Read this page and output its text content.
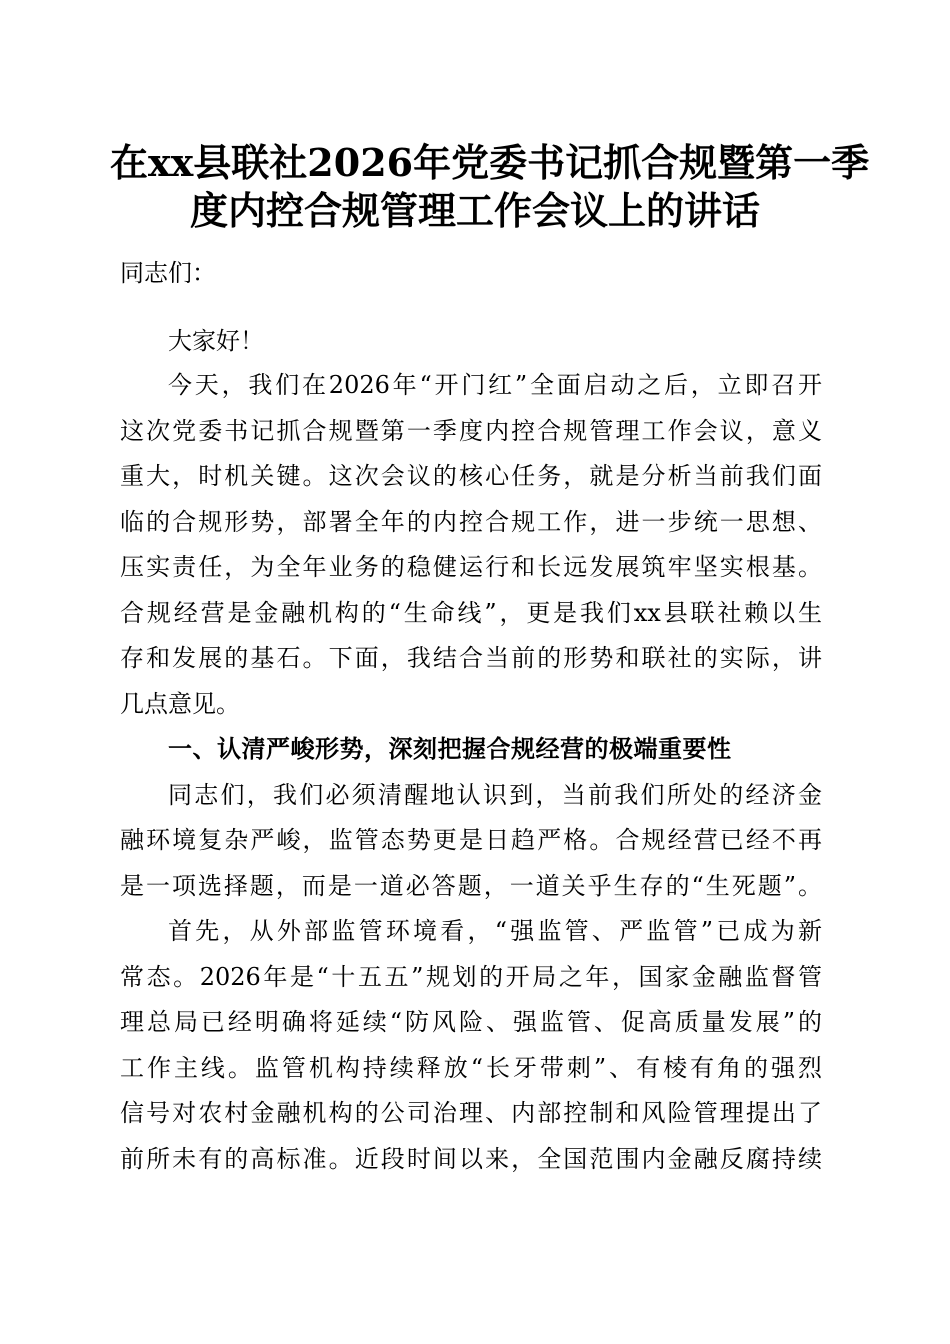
在xx县联社2026年党委书记抓合规暨第一季
度内控合规管理工作会议上的讲话

同志们：

大家好！

今天，我们在2026年“开门红”全面启动之后，立即召开

这次党委书记抓合规暨第一季度内控合规管理工作会议，意义

重大，时机关键。这次会议的核心任务，就是分析当前我们面

临的合规形势，部署全年的内控合规工作，进一步统一思想、

压实责任，为全年业务的稳健运行和长远发展筑牢坚实根基。

合规经营是金融机构的“生命线”，更是我们xx县联社赖以生

存和发展的基石。下面，我结合当前的形势和联社的实际，讲

几点意见。

一、认清严峻形势，深刻把握合规经营的极端重要性

同志们，我们必须清醒地认识到，当前我们所处的经济金

融环境复杂严峻，监管态势更是日趋严格。合规经营已经不再

是一项选择题，而是一道必答题，一道关乎生存的“生死题”。

首先，从外部监管环境看，“强监管、严监管”已成为新

常态。2026年是“十五五”规划的开局之年，国家金融监督管

理总局已经明确将延续“防风险、强监管、促高质量发展”的

工作主线。监管机构持续释放“长牙带刺”、有棱有角的强烈

信号对农村金融机构的公司治理、内部控制和风险管理提出了

前所未有的高标准。近段时间以来，全国范围内金融反腐持续
